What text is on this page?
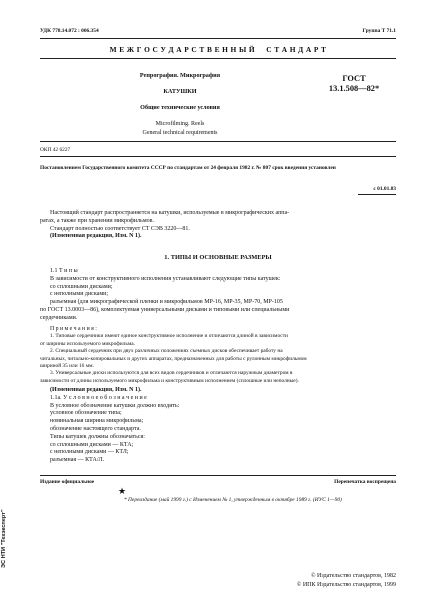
УДК 778.14.072 : 006.354	Группа Т 71.1
М Е Ж Г О С У Д А Р С Т В Е Н Н Ы Й     С Т А Н Д А Р Т
Репрография. Микрография
КАТУШКИ
Общие технические условия
Microfilming. Reels
General technical requirements
ГОСТ
13.1.508—82*
ОКП 42 6227
Постановлением Государственного комитета СССР по стандартам от 24 февраля 1982 г. № 807 срок введения установлен
с 01.01.83
Настоящий стандарт распространяется на катушки, используемые в микрографических аппа-
ратах, а также при хранении микрофильмов.
Стандарт полностью соответствует СТ СЭВ 3220—81.
(Измененная редакция, Изм. N 1).
1. ТИПЫ И ОСНОВНЫЕ РАЗМЕРЫ
1.1 Т и п ы
В зависимости от конструктивного исполнения устанавливают следующие типы катушек:
со сплошными дисками;
с неполными дисками;
разъемная (для микрографической пленки и микрофильмов МР-16, МР-35, МР-70, МР-105
по ГОСТ 13.0003—86), комплектуемая универсальными дисками и типовыми или специальными
сердечниками.
П р и м е ч а н и я :
1. Типовые сердечники имеют единое конструктивное исполнение и отличаются длиной в зависимости
от ширины используемого микрофильма.
2. Специальный сердечник при двух различных положениях съемных дисков обеспечивает работу на
читальных, читально-копировальных и других аппаратах, предназначенных для работы с рулонным микрофильмом
шириной 35 или 16 мм.
3. Универсальные диски используются для всех видов сердечников и отличаются наружным диаметром в
зависимости от длины используемого микрофильма и конструктивным исполнением (сплошные или неполные).
(Измененная редакция, Изм. N 1).
1.1а. У с л о в н о е о б о з н а ч е н и е
В условное обозначение катушки должно входить:
условное обозначение типа;
номинальная ширина микрофильма;
обозначение настоящего стандарта.
Типы катушек должны обозначаться:
со сплошными дисками — КТА;
с неполными дисками — КТЛ;
разъемная — КТА/Л.
Издание официальное	Перепечатка воспрещена
★
* Переиздание (май 1999 г.) с Изменением № 1, утвержденным в октябре 1989 г. (ИУС 1—90)
© Издательство стандартов, 1982
© ИПК Издательство стандартов, 1999
ЭС НТИ "Техэксперт"
